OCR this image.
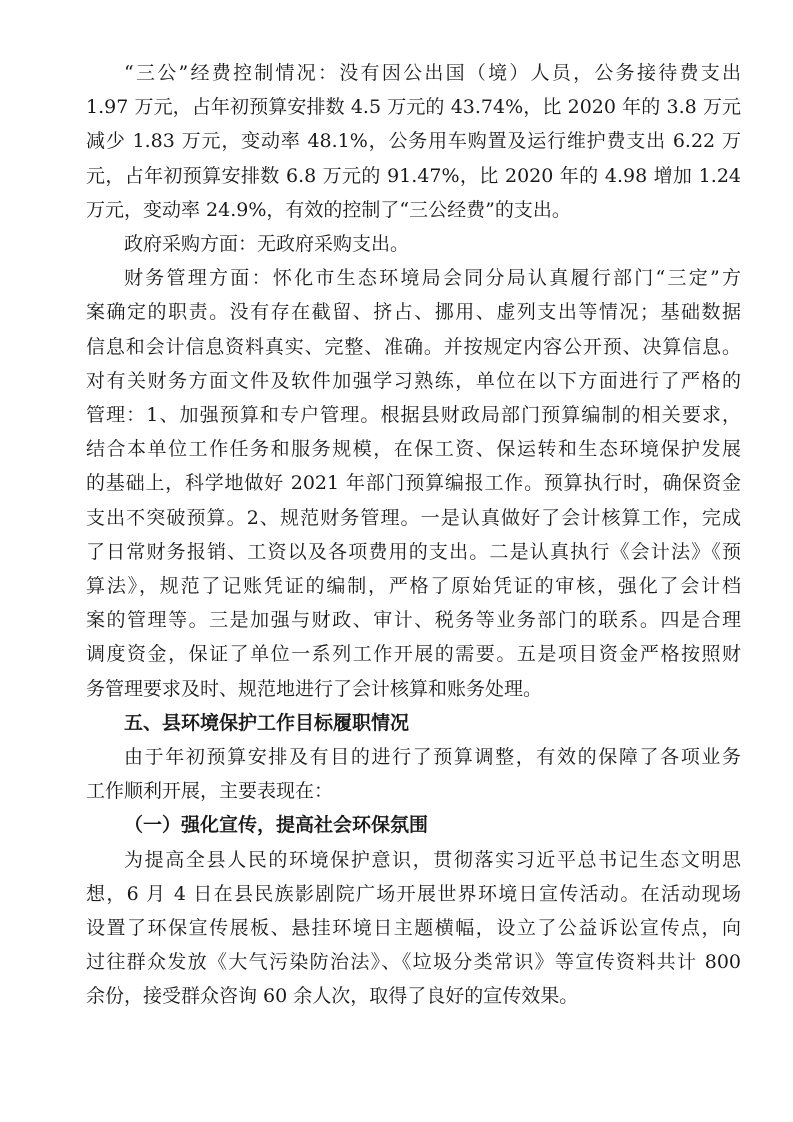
“三公”经费控制情况：没有因公出国（境）人员，公务接待费支出
1.97 万元，占年初预算安排数 4.5 万元的 43.74%，比 2020 年的 3.8 万元
减少 1.83 万元，变动率 48.1%，公务用车购置及运行维护费支出 6.22 万
元，占年初预算安排数 6.8 万元的 91.47%，比 2020 年的 4.98 增加 1.24
万元，变动率 24.9%，有效的控制了“三公经费”的支出。

政府采购方面：无政府采购支出。

财务管理方面：怀化市生态环境局会同分局认真履行部门“三定”方
案确定的职责。没有存在截留、挤占、挪用、虚列支出等情况；基础数据
信息和会计信息资料真实、完整、准确。并按规定内容公开预、决算信息。
对有关财务方面文件及软件加强学习熟练，单位在以下方面进行了严格的
管理：1、加强预算和专户管理。根据县财政局部门预算编制的相关要求，
结合本单位工作任务和服务规模，在保工资、保运转和生态环境保护发展
的基础上，科学地做好 2021 年部门预算编报工作。预算执行时，确保资金
支出不突破预算。2、规范财务管理。一是认真做好了会计核算工作，完成
了日常财务报销、工资以及各项费用的支出。二是认真执行《会计法》《预
算法》，规范了记账凭证的编制，严格了原始凭证的审核，强化了会计档
案的管理等。三是加强与财政、审计、税务等业务部门的联系。四是合理
调度资金，保证了单位一系列工作开展的需要。五是项目资金严格按照财
务管理要求及时、规范地进行了会计核算和账务处理。

五、县环境保护工作目标履职情况

由于年初预算安排及有目的进行了预算调整，有效的保障了各项业务
工作顺利开展，主要表现在：

（一）强化宣传，提高社会环保氛围

为提高全县人民的环境保护意识，贯彻落实习近平总书记生态文明思
想，6 月 4 日在县民族影剧院广场开展世界环境日宣传活动。在活动现场
设置了环保宣传展板、悬挂环境日主题横幅，设立了公益诉讼宣传点，向
过往群众发放《大气污染防治法》、《垃圾分类常识》等宣传资料共计 800
余份，接受群众咨询 60 余人次，取得了良好的宣传效果。
